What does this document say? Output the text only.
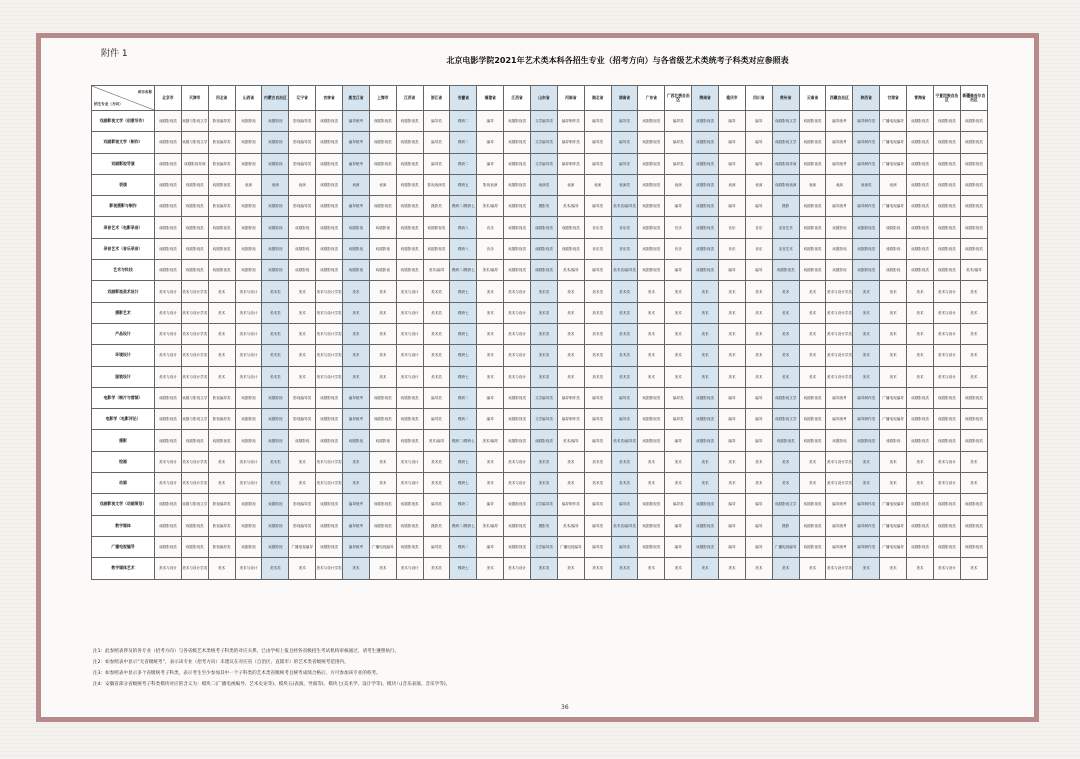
附件 1
北京电影学院2021年艺术类本科各招生专业（招考方向）与各省级艺术类统考子科类对应参照表
省市名称
招生专业（方向）	北京市	天津市	河北省	山西省	内蒙古自治区	辽宁省	吉林省	黑龙江省	上海市	江苏省	浙江省	安徽省	福建省	江西省	山东省	河南省	湖北省	湖南省	广东省	广西壮族自治区	海南省	重庆市	四川省	贵州省	云南省	西藏自治区	陕西省	甘肃省	青海省	宁夏回族自治区	新疆维吾尔自治区
戏剧影视文学（创意写作）	戏剧影视类	戏剧与影视文学	影视编导类	戏剧影视	戏剧影视	影视编导类	戏剧影视类	编导统考	戏剧影视类	戏剧影视类	编导类	模块二	编导	戏剧影视类	文学编导类	编导制作类	编导类	编导类	戏剧影视类	编导类	戏剧影视类	编导	编导	戏剧影视文学	戏剧影视类	编导统考	编导制作类	广播电视编导	戏剧影视类	戏剧影视类	戏剧影视类
戏剧影视文学（制作）	戏剧影视类	戏剧与影视文学	影视编导类	戏剧影视	戏剧影视	影视编导类	戏剧影视类	编导统考	戏剧影视类	戏剧影视类	编导类	模块二	编导	戏剧影视类	文学编导类	编导制作类	编导类	编导类	戏剧影视类	编导类	戏剧影视类	编导	编导	戏剧影视文学	戏剧影视类	编导统考	编导制作类	广播电视编导	戏剧影视类	戏剧影视类	戏剧影视类
戏剧影视导演	戏剧影视类	戏剧影视导演	影视编导类	戏剧影视	戏剧影视	影视编导类	戏剧影视类	编导统考	戏剧影视类	戏剧影视类	编导类	模块二	编导	戏剧影视类	文学编导类	编导制作类	编导类	编导类	戏剧影视类	编导类	戏剧影视类	编导	编导	戏剧影视导演	戏剧影视类	编导统考	编导制作类	广播电视编导	戏剧影视类	戏剧影视类	戏剧影视类
表演	戏剧影视类	戏剧影视类	戏剧影视类	表演	表演	表演	戏剧影视类	表演	表演	戏剧影视类	影视表演类	模块五	影视表演	戏剧影视类	表演类	表演	表演	表演类	戏剧影视类	表演	戏剧影视类	表演	表演	戏剧影视表演	表演	表演	表演类	表演	戏剧影视类	戏剧影视类	戏剧影视类
影视摄影与制作	戏剧影视类	戏剧影视类	影视编导类	戏剧影视	戏剧影视	影视编导类	戏剧影视类	编导统考	戏剧影视类	戏剧影视类	摄影类	模块二/模块七	美术/编导	戏剧影视类	摄影类	美术/编导	编导类	美术类/编导类	戏剧影视类	编导	戏剧影视类	编导	编导	摄影	戏剧影视类	编导统考	编导制作类	广播电视编导	戏剧影视类	戏剧影视类	戏剧影视类
录音艺术（电影录音）	戏剧影视类	戏剧影视类	戏剧影视类	戏剧影视	戏剧影视	戏剧影视	戏剧影视类	戏剧影视	戏剧影视	戏剧影视类	戏剧影视类	模块八	音乐	戏剧影视类	戏剧影视类	戏剧影视类	音乐类	音乐类	戏剧影视类	音乐	戏剧影视类	音乐	音乐	录音艺术	戏剧影视类	戏剧影视	戏剧影视类	戏剧影视	戏剧影视类	戏剧影视类	戏剧影视类
录音艺术（音乐录音）	戏剧影视类	戏剧影视类	戏剧影视类	戏剧影视	戏剧影视	戏剧影视	戏剧影视类	戏剧影视	戏剧影视	戏剧影视类	戏剧影视类	模块八	音乐	戏剧影视类	戏剧影视类	戏剧影视类	音乐类	音乐类	戏剧影视类	音乐	戏剧影视类	音乐	音乐	录音艺术	戏剧影视类	戏剧影视	戏剧影视类	戏剧影视	戏剧影视类	戏剧影视类	戏剧影视类
艺术与科技	戏剧影视类	戏剧影视类	戏剧影视类	戏剧影视	戏剧影视	戏剧影视	戏剧影视类	戏剧影视	戏剧影视	戏剧影视类	美术/编导	模块二/模块七	美术/编导	戏剧影视类	戏剧影视类	美术/编导	编导类	美术类/编导类	戏剧影视类	编导	戏剧影视类	编导	编导	戏剧影视类	戏剧影视类	戏剧影视	戏剧影视类	戏剧影视	戏剧影视类	戏剧影视类	美术/编导
戏剧影视美术设计	美术与设计	美术与设计学类	美术	美术与设计	美术类	美术	美术与设计学类	美术	美术	美术与设计	美术类	模块七	美术	美术与设计	美术类	美术	美术类	美术类	美术	美术	美术	美术	美术	美术	美术	美术与设计学类	美术	美术	美术	美术与设计	美术
摄影艺术	美术与设计	美术与设计学类	美术	美术与设计	美术类	美术	美术与设计学类	美术	美术	美术与设计	美术类	模块七	美术	美术与设计	美术类	美术	美术类	美术类	美术	美术	美术	美术	美术	美术	美术	美术与设计学类	美术	美术	美术	美术与设计	美术
产品设计	美术与设计	美术与设计学类	美术	美术与设计	美术类	美术	美术与设计学类	美术	美术	美术与设计	美术类	模块七	美术	美术与设计	美术类	美术	美术类	美术类	美术	美术	美术	美术	美术	美术	美术	美术与设计学类	美术	美术	美术	美术与设计	美术
环境设计	美术与设计	美术与设计学类	美术	美术与设计	美术类	美术	美术与设计学类	美术	美术	美术与设计	美术类	模块七	美术	美术与设计	美术类	美术	美术类	美术类	美术	美术	美术	美术	美术	美术	美术	美术与设计学类	美术	美术	美术	美术与设计	美术
服装设计	美术与设计	美术与设计学类	美术	美术与设计	美术类	美术	美术与设计学类	美术	美术	美术与设计	美术类	模块七	美术	美术与设计	美术类	美术	美术类	美术类	美术	美术	美术	美术	美术	美术	美术	美术与设计学类	美术	美术	美术	美术与设计	美术
电影学（制片与营销）	戏剧影视类	戏剧与影视文学	影视编导类	戏剧影视	戏剧影视	影视编导类	戏剧影视类	编导统考	戏剧影视类	戏剧影视类	编导类	模块二	编导	戏剧影视类	文学编导类	编导制作类	编导类	编导类	戏剧影视类	编导类	戏剧影视类	编导	编导	戏剧影视文学	戏剧影视类	编导统考	编导制作类	广播电视编导	戏剧影视类	戏剧影视类	戏剧影视类
电影学（电影评论）	戏剧影视类	戏剧与影视文学	影视编导类	戏剧影视	戏剧影视	影视编导类	戏剧影视类	编导统考	戏剧影视类	戏剧影视类	编导类	模块二	编导	戏剧影视类	文学编导类	编导制作类	编导类	编导类	戏剧影视类	编导类	戏剧影视类	编导	编导	戏剧影视文学	戏剧影视类	编导统考	编导制作类	广播电视编导	戏剧影视类	戏剧影视类	戏剧影视类
摄影	戏剧影视类	戏剧影视类	戏剧影视类	戏剧影视	戏剧影视	戏剧影视	戏剧影视类	戏剧影视	戏剧影视	戏剧影视类	美术/编导	模块二/模块七	美术/编导	戏剧影视类	戏剧影视类	美术/编导	编导类	美术类/编导类	戏剧影视类	编导	戏剧影视类	编导	编导	戏剧影视类	戏剧影视类	戏剧影视	戏剧影视类	戏剧影视	戏剧影视类	戏剧影视类	戏剧影视类
绘画	美术与设计	美术与设计学类	美术	美术与设计	美术类	美术	美术与设计学类	美术	美术	美术与设计	美术类	模块七	美术	美术与设计	美术类	美术	美术类	美术类	美术	美术	美术	美术	美术	美术	美术	美术与设计学类	美术	美术	美术	美术与设计	美术
动画	美术与设计	美术与设计学类	美术	美术与设计	美术类	美术	美术与设计学类	美术	美术	美术与设计	美术类	模块七	美术	美术与设计	美术类	美术	美术类	美术类	美术	美术	美术	美术	美术	美术	美术	美术与设计学类	美术	美术	美术	美术与设计	美术
戏剧影视文学（动画策划）	戏剧影视类	戏剧与影视文学	影视编导类	戏剧影视	戏剧影视	影视编导类	戏剧影视类	编导统考	戏剧影视类	戏剧影视类	编导类	模块二	编导	戏剧影视类	文学编导类	编导制作类	编导类	编导类	戏剧影视类	编导类	戏剧影视类	编导	编导	戏剧影视文学	戏剧影视类	编导统考	编导制作类	广播电视编导	戏剧影视类	戏剧影视类	戏剧影视类
数字媒体	戏剧影视类	戏剧影视类	影视编导类	戏剧影视	戏剧影视	影视编导类	戏剧影视类	编导统考	戏剧影视类	戏剧影视类	摄影类	模块二/模块七	美术/编导	戏剧影视类	摄影类	美术/编导	编导类	美术类/编导类	戏剧影视类	编导	戏剧影视类	编导	编导	摄影	戏剧影视类	编导统考	编导制作类	广播电视编导	戏剧影视类	戏剧影视类	戏剧影视类
广播电视编导	戏剧影视类	戏剧影视类	影视编导类	戏剧影视	戏剧影视	广播电视编导	戏剧影视类	编导统考	广播电视编导	戏剧影视类	编导类	模块二	编导	戏剧影视类	文学编导类	广播电视编导	编导类	编导类	戏剧影视类	编导	戏剧影视类	编导	编导	广播电视编导	戏剧影视类	编导统考	编导制作类	广播电视编导	戏剧影视类	戏剧影视类	戏剧影视类
数字媒体艺术	美术与设计	美术与设计学类	美术	美术与设计	美术类	美术	美术与设计学类	美术	美术	美术与设计	美术类	模块七	美术	美术与设计	美术类	美术	美术类	美术类	美术	美术	美术	美术	美术	美术	美术	美术与设计学类	美术	美术	美术	美术与设计	美术
注1：此参照表涉及的各专业（招考方向）与各省级艺术类统考子科类的对应关系，已由学校上报且经各省级招生考试机构审核通过，请考生遵照执行。
注2：如参照表中显示“无省级统考”，表示该专业（招考方向）未建议在对应省（自治区、直辖市）的艺术类省级统考范围内。
注3：如参照表中显示多个省级统考子科类，表示考生至少参加其中一个子科类的艺术类省级统考且统考成绩合格后，方可参加该专业的校考。
注4：安徽省部分省级统考子科类模块对应的含义为：模块二(广播电视编导、艺术史论等)、模块五(表演、导演等)、模块七(美术学、设计学等)、模块八(音乐表演、音乐学等)。
36
